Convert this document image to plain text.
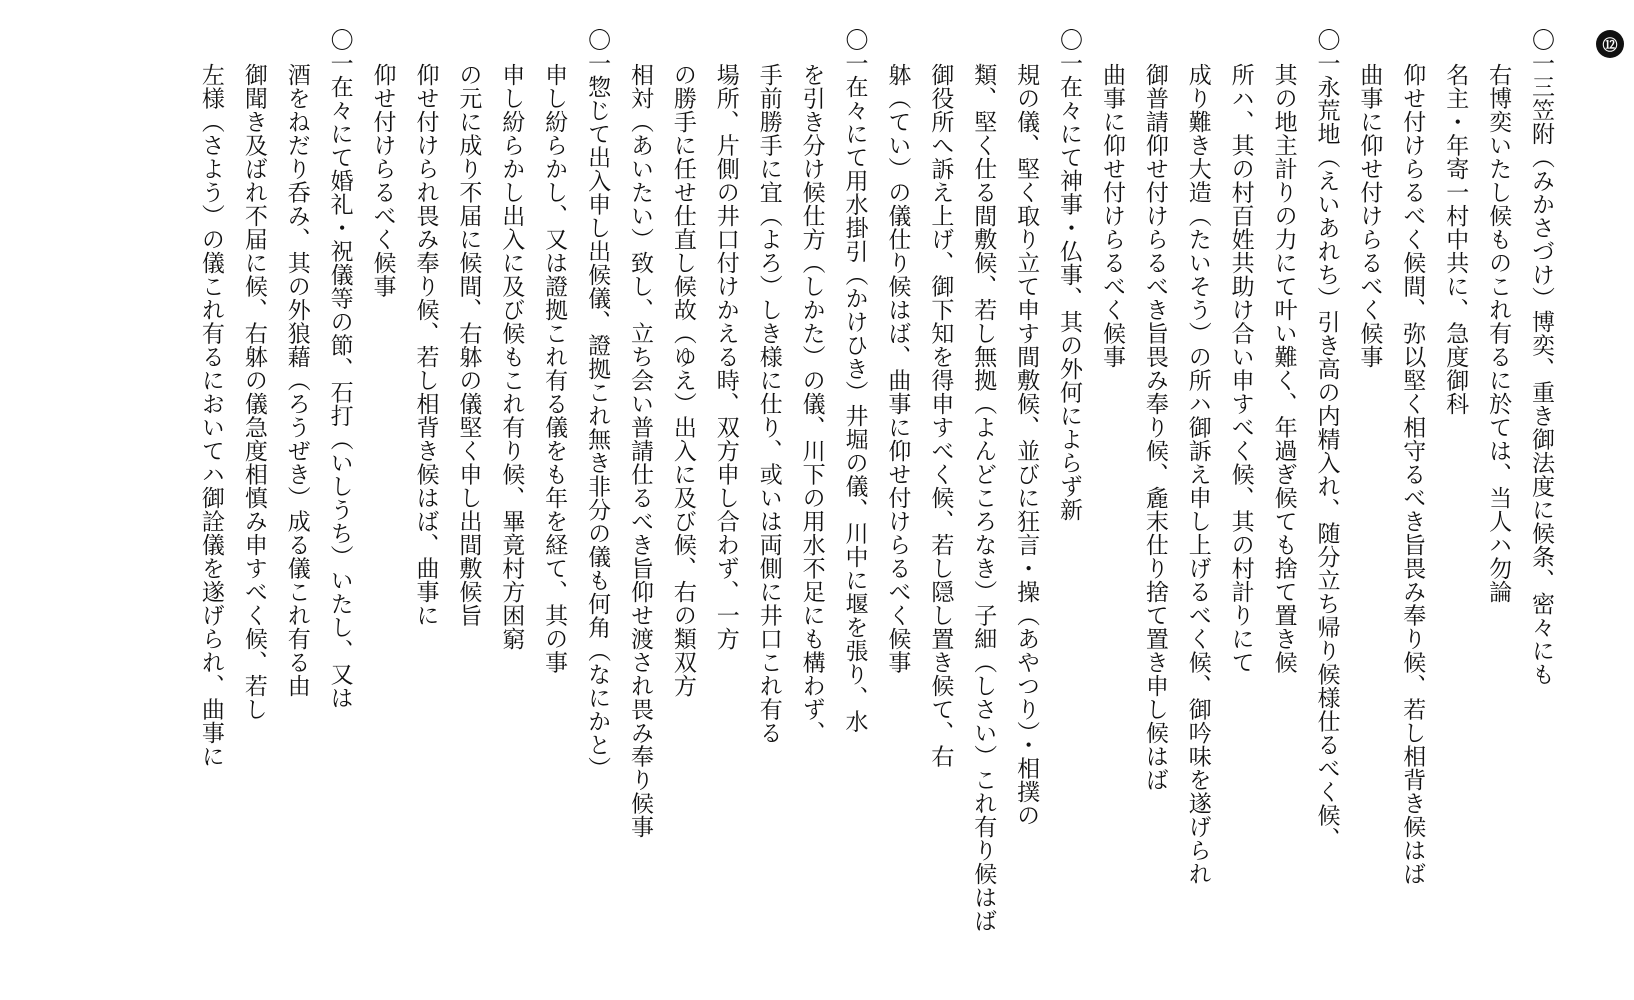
⑫
〇一三笠附（みかさづけ）博奕、重き御法度に候条、密々にも
右博奕いたし候ものこれ有るに於ては、当人ハ勿論
名主・年寄一村中共に、急度御科
仰せ付けらるべく候間、弥以堅く相守るべき旨畏み奉り候、若し相背き候はば
曲事に仰せ付けらるべく候事
〇一永荒地（えいあれち）引き高の内精入れ、随分立ち帰り候様仕るべく候、
其の地主計りの力にて叶い難く、年過ぎ候ても捨て置き候
所ハ、其の村百姓共助け合い申すべく候、其の村計りにて
成り難き大造（たいそう）の所ハ御訴え申し上げるべく候、御吟味を遂げられ
御普請仰せ付けらるべき旨畏み奉り候、麁末仕り捨て置き申し候はば
曲事に仰せ付けらるべく候事
〇一在々にて神事・仏事、其の外何によらず新
規の儀、堅く取り立て申す間敷候、並びに狂言・操（あやつり）・相撲の
類、堅く仕る間敷候、若し無拠（よんどころなき）子細（しさい）これ有り候はば
御役所へ訴え上げ、御下知を得申すべく候、若し隠し置き候て、右
躰（てい）の儀仕り候はば、曲事に仰せ付けらるべく候事
〇一在々にて用水掛引（かけひき）井堀の儀、川中に堰を張り、水
を引き分け候仕方（しかた）の儀、川下の用水不足にも構わず、
手前勝手に宜（よろ）しき様に仕り、或いは両側に井口これ有る
場所、片側の井口付けかえる時、双方申し合わず、一方
の勝手に任せ仕直し候故（ゆえ）出入に及び候、右の類双方
相対（あいたい）致し、立ち会い普請仕るべき旨仰せ渡され畏み奉り候事
〇一惣じて出入申し出候儀、證拠これ無き非分の儀も何角（なにかと）
申し紛らかし、又は證拠これ有る儀をも年を経て、其の事
申し紛らかし出入に及び候もこれ有り候、畢竟村方困窮
の元に成り不届に候間、右躰の儀堅く申し出間敷候旨
仰せ付けられ畏み奉り候、若し相背き候はば、曲事に
仰せ付けらるべく候事
〇一在々にて婚礼・祝儀等の節、石打（いしうち）いたし、又は
酒をねだり呑み、其の外狼藉（ろうぜき）成る儀これ有る由
御聞き及ばれ不届に候、右躰の儀急度相慎み申すべく候、若し
左様（さよう）の儀これ有るにおいてハ御詮儀を遂げられ、曲事に
